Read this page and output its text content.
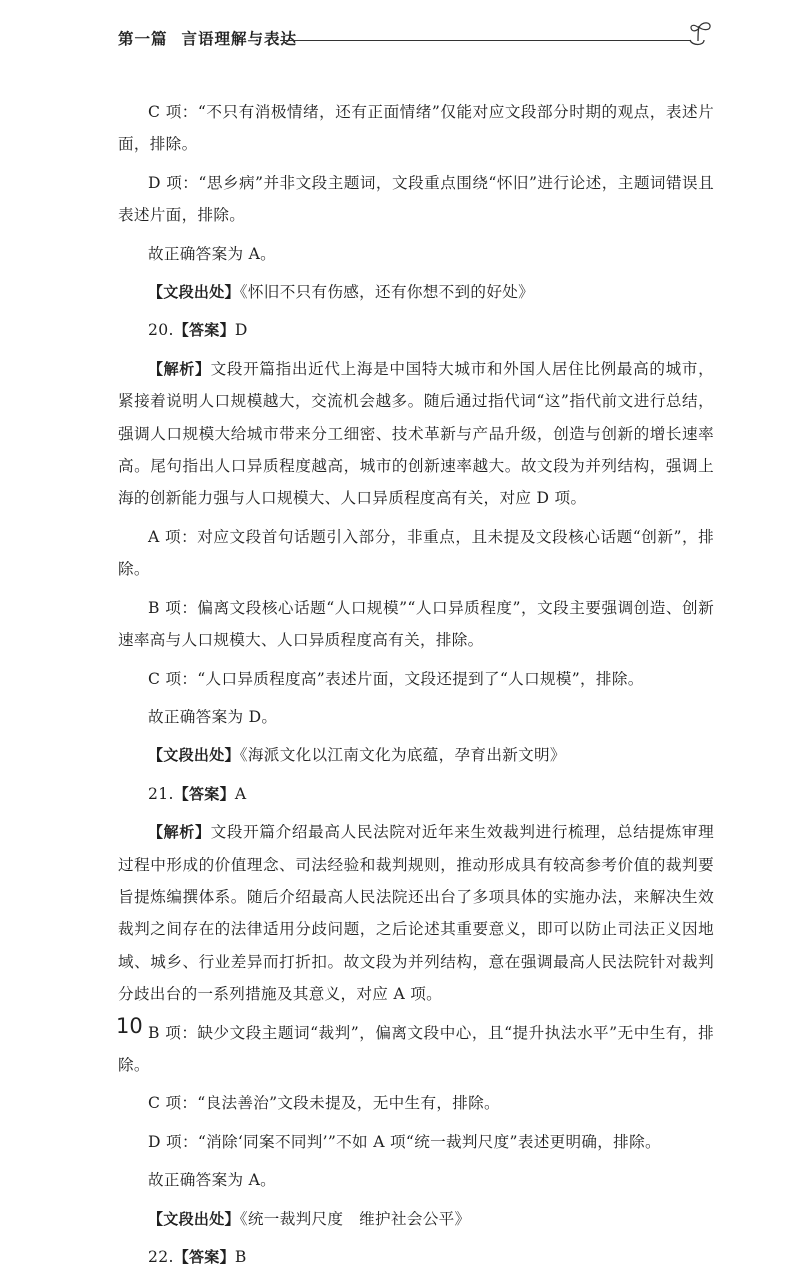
第一篇 言语理解与表达

C 项：“不只有消极情绪，还有正面情绪”仅能对应文段部分时期的观点，表述片面，排除。

D 项：“思乡病”并非文段主题词，文段重点围绕“怀旧”进行论述，主题词错误且表述片面，排除。

故正确答案为 A。

【文段出处】《怀旧不只有伤感，还有你想不到的好处》

20.【答案】D

【解析】文段开篇指出近代上海是中国特大城市和外国人居住比例最高的城市，紧接着说明人口规模越大，交流机会越多。随后通过指代词“这”指代前文进行总结，强调人口规模大给城市带来分工细密、技术革新与产品升级，创造与创新的增长速率高。尾句指出人口异质程度越高，城市的创新速率越大。故文段为并列结构，强调上海的创新能力强与人口规模大、人口异质程度高有关，对应 D 项。

A 项：对应文段首句话题引入部分，非重点，且未提及文段核心话题“创新”，排除。

B 项：偏离文段核心话题“人口规模”“人口异质程度”，文段主要强调创造、创新速率高与人口规模大、人口异质程度高有关，排除。

C 项：“人口异质程度高”表述片面，文段还提到了“人口规模”，排除。

故正确答案为 D。

【文段出处】《海派文化以江南文化为底蕴，孕育出新文明》

21.【答案】A

【解析】文段开篇介绍最高人民法院对近年来生效裁判进行梳理，总结提炼审理过程中形成的价值理念、司法经验和裁判规则，推动形成具有较高参考价值的裁判要旨提炼编撰体系。随后介绍最高人民法院还出台了多项具体的实施办法，来解决生效裁判之间存在的法律适用分歧问题，之后论述其重要意义，即可以防止司法正义因地域、城乡、行业差异而打折扣。故文段为并列结构，意在强调最高人民法院针对裁判分歧出台的一系列措施及其意义，对应 A 项。

B 项：缺少文段主题词“裁判”，偏离文段中心，且“提升执法水平”无中生有，排除。

C 项：“良法善治”文段未提及，无中生有，排除。

D 项：“消除‘同案不同判’”不如 A 项“统一裁判尺度”表述更明确，排除。

故正确答案为 A。

【文段出处】《统一裁判尺度　维护社会公平》

22.【答案】B

10
